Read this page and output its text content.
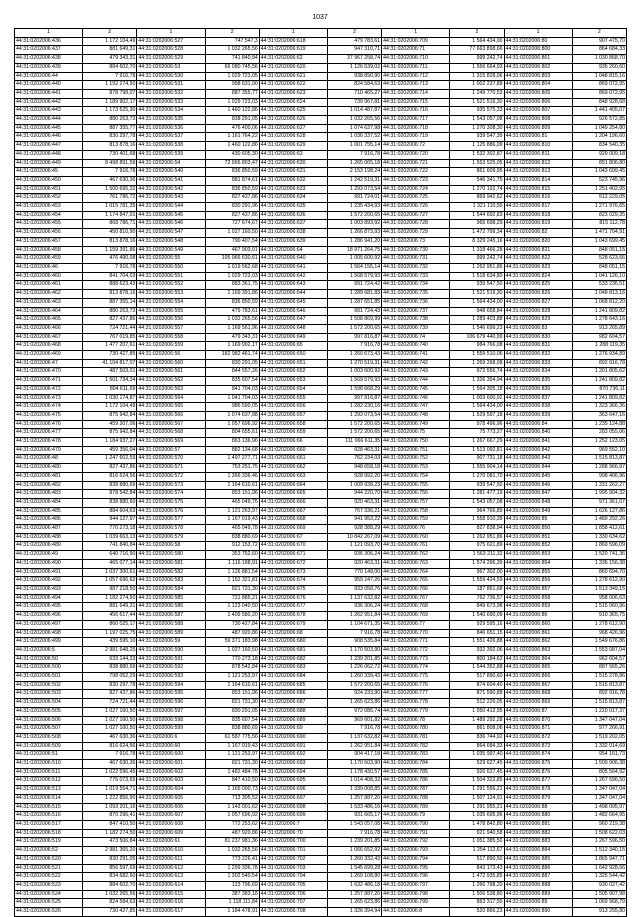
1037
1	2	1	2	1	2	1	2	1	2
44:31:0202006:436	1 172 104,49	44:31:0202006:527	747 547,3	44:31:0202006:618	479 783,61	44:31:0202006:709	1 564 434,00	44:31:0202006:80	907 475,70
44:31:0202006:437	881 649,31	44:31:0202006:528	1 032 265,56	44:31:0202006:619	947 310,71	44:31:0202006:71	77 663 898,66	44:31:0202006:800	864 684,33
44:31:0202006:438	479 343,31	44:31:0202006:529	741 840,84	44:31:0202006:62	37 967 258,74	44:31:0202006:710	999 242,74	44:31:0202006:801	1 030 868,70
44:31:0202006:439	884 602,70	44:31:0202006:53	66 080 745,56	44:31:0202006:620	1 126 539,02	44:31:0202006:711	1 556 664,93	44:31:0202006:802	935 260,60
44:31:0202006:44	7 916,78	44:31:0202006:530	1 029 723,05	44:31:0202006:621	938 890,90	44:31:0202006:712	1 315 828,06	44:31:0202006:803	1 048 815,16
44:31:0202006:440	1 192 274,50	44:31:0202006:531	998 631,90	44:31:0202006:622	824 584,63	44:31:0202006:713	1 002 237,88	44:31:0202006:804	869 072,95
44:31:0202006:441	878 798,07	44:31:0202006:532	887 355,77	44:31:0202006:623	710 465,27	44:31:0202006:714	1 249 770,53	44:31:0202006:805	869 072,95
44:31:0202006:442	1 189 902,17	44:31:0202006:533	1 029 723,03	44:31:0202006:624	739 967,81	44:31:0202006:715	1 521 519,30	44:31:0202006:806	848 928,68
44:31:0202006:443	1 173 525,30	44:31:0202006:534	1 460 122,86	44:31:0202006:625	1 014 487,87	44:31:0202006:716	935 575,33	44:31:0202006:807	1 441 405,07
44:31:0202006:444	880 263,73	44:31:0202006:535	838 291,05	44:31:0202006:626	1 032 265,56	44:31:0202006:717	1 543 057,08	44:31:0202006:808	926 572,85
44:31:0202006:445	887 355,77	44:31:0202006:536	476 400,06	44:31:0202006:627	1 074 637,98	44:31:0202006:718	1 270 308,30	44:31:0202006:809	1 049 254,80
44:31:0202006:446	830 297,78	44:31:0202006:537	1 161 764,22	44:31:0202006:628	1 036 337,52	44:31:0202006:719	939 547,39	44:31:0202006:81	1 204 196,60
44:31:0202006:447	813 878,16	44:31:0202006:538	1 460 122,86	44:31:0202006:629	1 001 755,14	44:31:0202006:72	1 125 886,09	44:31:0202006:810	834 540,35
44:31:0202006:448	730 401,68	44:31:0202006:539	430 605,30	44:31:0202006:63	7 916,78	44:31:0202006:720	1 532 302,87	44:31:0202006:811	929 009,18
44:31:0202006:449	8 498 891,59	44:31:0202006:54	72 966 803,47	44:31:0202006:630	1 265 065,18	44:31:0202006:721	1 553 525,05	44:31:0202006:812	851 806,80
44:31:0202006:45	7 916,78	44:31:0202006:540	836 850,59	44:31:0202006:631	2 153 198,24	44:31:0202006:722	861 609,95	44:31:0202006:813	1 043 699,45
44:31:0202006:450	467 630,36	44:31:0202006:541	881 874,61	44:31:0202006:632	1 242 519,31	44:31:0202006:723	546 341,75	44:31:0202006:814	523 745,96
44:31:0202006:451	1 500 695,32	44:31:0202006:542	836 850,59	44:31:0202006:633	1 293 073,54	44:31:0202006:724	1 270 192,74	44:31:0202006:815	1 251 402,95
44:31:0202006:452	761 786,72	44:31:0202006:543	827 437,86	44:31:0202006:634	991 724,01	44:31:0202006:725	869 942,62	44:31:0202006:816	512 229,05
44:31:0202006:453	1 015 781,35	44:31:0202006:544	830 291,96	44:31:0202006:635	1 235 434,93	44:31:0202006:726	1 321 110,50	44:31:0202006:817	1 271 976,65
44:31:0202006:454	1 174 847,01	44:31:0202006:545	827 437,86	44:31:0202006:636	1 572 200,65	44:31:0202006:727	1 544 692,83	44:31:0202006:818	823 029,35
44:31:0202006:455	868 786,71	44:31:0202006:546	727 674,67	44:31:0202006:637	1 003 893,92	44:31:0202006:728	965 698,29	44:31:0202006:819	815 112,78
44:31:0202006:456	450 810,90	44:31:0202006:547	1 027 160,50	44:31:0202006:638	1 266 873,93	44:31:0202006:729	1 472 799,34	44:31:0202006:82	1 471 704,91
44:31:0202006:457	813 878,16	44:31:0202006:548	790 407,54	44:31:0202006:639	1 286 941,20	44:31:0202006:73	8 329 245,16	44:31:0202006:820	1 043 699,45
44:31:0202006:458	1 159 391,86	44:31:0202006:549	467 903,01	44:31:0202006:64	18 971 264,75	44:31:0202006:730	1 318 466,28	44:31:0202006:821	848 051,15
44:31:0202006:459	476 490,08	44:31:0202006:55	105 966 630,61	44:31:0202006:640	1 005 600,92	44:31:0202006:731	999 242,74	44:31:0202006:822	528 623,66
44:31:0202006:46	7 916,78	44:31:0202006:550	1 019 562,68	44:31:0202006:641	1 564 155,14	44:31:0202006:732	1 262 951,86	44:31:0202006:823	848 051,15
44:31:0202006:460	841 704,03	44:31:0202006:551	1 029 723,03	44:31:0202006:642	1 568 579,93	44:31:0202006:733	1 518 634,80	44:31:0202006:824	1 041 126,10
44:31:0202006:461	888 623,43	44:31:0202006:552	883 361,75	44:31:0202006:643	991 724,42	44:31:0202006:734	939 547,50	44:31:0202006:825	533 236,51
44:31:0202006:462	813 878,16	44:31:0202006:553	1 169 391,86	44:31:0202006:644	1 289 681,83	44:31:0202006:735	1 521 519,30	44:31:0202006:826	1 048 813,16
44:31:0202006:463	887 355,14	44:31:0202006:554	836 850,59	44:31:0202006:645	1 287 651,85	44:31:0202006:736	1 564 434,00	44:31:0202006:827	1 068 812,20
44:31:0202006:464	880 263,73	44:31:0202006:555	479 783,61	44:31:0202006:646	991 724,43	44:31:0202006:737	948 658,84	44:31:0202006:828	1 241 809,82
44:31:0202006:465	827 437,86	44:31:0202006:556	1 032 265,56	44:31:0202006:647	1 508 869,99	44:31:0202006:738	1 289 403,88	44:31:0202006:829	1 278 643,16
44:31:0202006:466	724 721,44	44:31:0202006:557	1 169 561,96	44:31:0202006:648	1 572 200,65	44:31:0202006:739	1 546 699,23	44:31:0202006:83	913 265,89
44:31:0202006:467	767 019,85	44:31:0202006:558	479 343,31	44:31:0202006:649	997 816,87	44:31:0202006:74	106 679 440,99	44:31:0202006:830	982 604,57
44:31:0202006:468	1 477 207,61	44:31:0202006:559	1 169 902,17	44:31:0202006:65	7 916,78	44:31:0202006:740	984 766,08	44:31:0202006:831	1 288 119,35
44:31:0202006:469	730 427,85	44:31:0202006:56	182 982 461,74	44:31:0202006:650	1 260 673,43	44:31:0202006:741	1 559 510,06	44:31:0202006:832	1 276 934,89
44:31:0202006:47	41 104 817,07	44:31:0202006:560	830 291,05	44:31:0202006:651	1 270 519,31	44:31:0202006:742	1 269 268,08	44:31:0202006:833	892 916,78
44:31:0202006:470	487 503,01	44:31:0202006:561	844 557,26	44:31:0202006:652	1 003 600,92	44:31:0202006:743	972 556,74	44:31:0202006:834	1 201 805,62
44:31:0202006:471	1 501 734,34	44:31:0202006:562	835 607,54	44:31:0202006:653	1 569 579,93	44:31:0202006:744	1 326 394,94	44:31:0202006:835	1 241 809,82
44:31:0202006:472	804 611,69	44:31:0202006:563	841 704,03	44:31:0202006:654	1 598 668,29	44:31:0202006:745	1 564 305,18	44:31:0202006:836	870 736,11
44:31:0202006:473	1 030 174,87	44:31:0202006:564	1 041 704,03	44:31:0202006:655	997 816,87	44:31:0202006:746	1 003 600,92	44:31:0202006:837	1 241 809,82
44:31:0202006:474	1 172 104,49	44:31:0202006:565	986 590,05	44:31:0202006:656	1 282 230,16	44:31:0202006:747	1 564 434,00	44:31:0202006:838	1 323 366,36
44:31:0202006:475	875 942,84	44:31:0202006:566	1 074 637,98	44:31:0202006:657	1 293 073,54	44:31:0202006:748	1 529 597,18	44:31:0202006:839	363 647,16
44:31:0202006:476	459 207,06	44:31:0202006:567	1 057 696,92	44:31:0202006:658	1 572 200,65	44:31:0202006:749	978 496,96	44:31:0202006:84	1 235 124,88
44:31:0202006:477	875 942,84	44:31:0202006:568	804 655,61	44:31:0202006:659	1 572 200,65	44:31:0202006:75	75 773,27	44:31:0202006:840	283 055,06
44:31:0202006:478	1 184 937,27	44:31:0202006:569	863 136,96	44:31:0202006:66	111 066 611,35	44:31:0202006:750	1 267 667,29	44:31:0202006:841	1 252 123,05
44:31:0202006:479	459 356,04	44:31:0202006:57	882 134,68	44:31:0202006:660	928 463,31	44:31:0202006:751	1 513 092,81	44:31:0202006:842	969 552,10
44:31:0202006:48	1 247 602,59	44:31:0202006:570	1 497 277,71	44:31:0202006:661	762 234,03	44:31:0202006:752	907 731,18	44:31:0202006:843	1 515 813,87
44:31:0202006:480	827 437,86	44:31:0202006:571	753 251,75	44:31:0202006:662	948 658,18	44:31:0202006:753	1 555 904,14	44:31:0202006:844	1 288 966,97
44:31:0202006:481	816 624,56	44:31:0202006:572	1 366 336,46	44:31:0202006:663	928 992,20	44:31:0202006:754	1 270 081,70	44:31:0202006:845	998 406,96
44:31:0202006:482	838 880,69	44:31:0202006:573	1 164 610,61	44:31:0202006:664	1 009 938,23	44:31:0202006:755	939 547,50	44:31:0202006:846	1 331 262,27
44:31:0202006:483	878 542,84	44:31:0202006:574	853 151,96	44:31:0202006:665	944 220,70	44:31:0202006:756	1 281 477,19	44:31:0202006:847	1 995 904,32
44:31:0202006:484	838 880,60	44:31:0202006:575	465 049,76	44:31:0202006:666	920 463,31	44:31:0202006:757	1 543 057,08	44:31:0202006:848	971 361,07
44:31:0202006:485	884 604,63	44:31:0202006:576	1 121 263,97	44:31:0202006:667	767 336,21	44:31:0202006:758	964 766,89	44:31:0202006:849	1 626 127,86
44:31:0202006:486	944 127,97	44:31:0202006:577	1 167 019,43	44:31:0202006:668	941 953,22	44:31:0202006:759	1 558 910,39	44:31:0202006:85	1 489 292,26
44:31:0202006:487	770 273,18	44:31:0202006:578	465 049,78	44:31:0202006:669	928 388,29	44:31:0202006:76	827 838,94	44:31:0202006:850	1 858 412,61
44:31:0202006:488	1 039 663,13	44:31:0202006:579	838 880,69	44:31:0202006:67	10 842 267,09	44:31:0202006:760	1 262 951,86	44:31:0202006:851	1 330 634,62
44:31:0202006:489	741 840,84	44:31:0202006:58	912 153,72	44:31:0202006:670	1 121 093,70	44:31:0202006:761	975 621,89	44:31:0202006:852	1 869 596,09
44:31:0202006:49	640 716,90	44:31:0202006:580	353 752,60	44:31:0202006:671	936 306,24	44:31:0202006:762	1 563 211,32	44:31:0202006:853	1 520 741,36
44:31:0202006:490	465 077,14	44:31:0202006:581	1 116 188,91	44:31:0202006:672	920 463,31	44:31:0202006:763	1 574 296,39	44:31:0202006:854	1 336 156,38
44:31:0202006:491	1 037 300,61	44:31:0202006:582	1 126 881,54	44:31:0202006:673	770 148,00	44:31:0202006:764	967 302,00	44:31:0202006:855	860 694,70
44:31:0202006:492	1 057 696,62	44:31:0202006:583	1 152 321,81	44:31:0202006:674	959 247,26	44:31:0202006:765	1 559 424,59	44:31:0202006:856	1 278 612,90
44:31:0202006:493	987 218,50	44:31:0202006:584	821 731,30	44:31:0202006:675	933 058,76	44:31:0202006:766	187 861,68	44:31:0202006:857	1 513 349,15
44:31:0202006:494	1 182 274,50	44:31:0202006:585	721 885,21	44:31:0202006:676	1 137 632,82	44:31:0202006:767	762 736,57	44:31:0202006:858	958 006,63
44:31:0202006:495	881 649,31	44:31:0202006:586	1 123 040,50	44:31:0202006:677	936 306,24	44:31:0202006:768	849 673,98	44:31:0202006:859	1 515 060,96
44:31:0202006:496	456 617,44	44:31:0202006:587	1 409 580,20	44:31:0202006:678	1 262 951,84	44:31:0202006:769	1 540 690,09	44:31:0202006:86	910 365,75
44:31:0202006:497	860 025,17	44:31:0202006:588	730 427,84	44:31:0202006:679	1 104 671,35	44:31:0202006:77	929 595,16	44:31:0202006:860	1 278 612,90
44:31:0202006:498	1 197 025,75	44:31:0202006:589	487 920,86	44:31:0202006:68	7 916,78	44:31:0202006:770	846 651,15	44:31:0202006:861	968 426,96
44:31:0202006:499	439 595,10	44:31:0202006:59	59 371 183,98	44:31:0202006:680	908 535,84	44:31:0202006:771	1 551 426,88	44:31:0202006:862	1 549 676,86
44:31:0202006:5	2 981 648,25	44:31:0202006:590	1 027 160,50	44:31:0202006:681	1 170 503,90	44:31:0202006:772	932 392,06	44:31:0202006:863	1 553 087,04
44:31:0202006:50	633 144,33	44:31:0202006:591	770 273,18	44:31:0202006:682	1 239 201,85	44:31:0202006:773	800 184,63	44:31:0202006:864	962 604,57
44:31:0202006:500	838 880,69	44:31:0202006:592	878 542,84	44:31:0202006:683	1 226 062,72	44:31:0202006:774	1 544 352,88	44:31:0202006:865	887 565,26
44:31:0202006:501	798 052,29	44:31:0202006:593	1 121 253,97	44:31:0202006:684	1 260 339,43	44:31:0202006:775	517 890,60	44:31:0202006:866	1 515 278,86
44:31:0202006:502	830 297,78	44:31:0202006:594	1 164 610,61	44:31:0202006:685	1 572 200,65	44:31:0202006:776	874 604,40	44:31:0202006:867	1 515 813,87
44:31:0202006:503	827 437,86	44:31:0202006:595	853 151,96	44:31:0202006:686	924 233,90	44:31:0202006:777	871 590,88	44:31:0202006:868	892 916,78
44:31:0202006:504	724 721,44	44:31:0202006:596	821 731,30	44:31:0202006:687	1 265 623,86	44:31:0202006:778	512 226,05	44:31:0202006:869	1 515 813,87
44:31:0202006:505	1 027 160,50	44:31:0202006:597	830 291,05	44:31:0202006:688	972 086,74	44:31:0202006:779	1 050 412,95	44:31:0202006:87	1 220 017,37
44:31:0202006:506	1 027 160,50	44:31:0202006:598	835 607,54	44:31:0202006:689	969 601,82	44:31:0202006:78	1 489 292,28	44:31:0202006:870	1 347 047,04
44:31:0202006:507	1 027 160,50	44:31:0202006:599	838 880,69	44:31:0202006:69	7 916,78	44:31:0202006:780	861 808,06	44:31:0202006:871	977 266,91
44:31:0202006:508	467 630,36	44:31:0202006:6	61 587 775,56	44:31:0202006:690	1 137 632,82	44:31:0202006:781	836 744,92	44:31:0202006:872	1 519 202,05
44:31:0202006:509	816 624,56	44:31:0202006:60	1 167 019,43	44:31:0202006:691	1 262 951,84	44:31:0202006:782	864 684,33	44:31:0202006:873	1 332 014,69
44:31:0202006:51	7 916,78	44:31:0202006:600	1 121 253,97	44:31:0202006:692	904 417,18	44:31:0202006:783	1 035 997,40	44:31:0202006:874	954 161,73
44:31:0202006:510	467 630,36	44:31:0202006:601	821 731,30	44:31:0202006:693	1 170 503,90	44:31:0202006:784	529 627,45	44:31:0202006:875	1 509 906,38
44:31:0202006:511	1 022 596,45	44:31:0202006:602	1 482 484,78	44:31:0202006:694	1 178 430,57	44:31:0202006:785	926 627,45	44:31:0202006:876	805 564,92
44:31:0202006:512	776 073,65	44:31:0202006:603	847 410,50	44:31:0202006:695	1 014 408,32	44:31:0202006:786	1 504 322,85	44:31:0202006:877	1 267 596,50
44:31:0202006:513	1 019 554,71	44:31:0202006:604	1 165 000,73	44:31:0202006:696	1 339 008,85	44:31:0202006:787	1 291 556,21	44:31:0202006:878	1 347 047,04
44:31:0202006:514	1 222 856,90	44:31:0202006:605	713 305,52	44:31:0202006:697	1 257 887,20	44:31:0202006:788	1 507 124,91	44:31:0202006:879	1 347 047,04
44:31:0202006:515	1 093 201,16	44:31:0202006:606	1 143 001,62	44:31:0202006:698	1 533 486,16	44:31:0202006:789	1 291 955,21	44:31:0202006:88	1 498 095,97
44:31:0202006:516	870 296,41	44:31:0202006:607	1 057 696,92	44:31:0202006:699	931 665,17	44:31:0202006:79	1 035 695,96	44:31:0202006:880	1 482 664,95
44:31:0202006:517	847 410,50	44:31:0202006:608	772 253,62	44:31:0202006:7	1 543 057,08	44:31:0202006:790	1 478 842,80	44:31:0202006:881	960 219,38
44:31:0202006:518	1 182 274,50	44:31:0202006:609	487 920,86	44:31:0202006:70	7 916,78	44:31:0202006:791	921 940,58	44:31:0202006:882	1 508 622,03
44:31:0202006:519	473 506,84	44:31:0202006:61	81 237 981,36	44:31:0202006:700	1 239 201,85	44:31:0202006:792	1 051 385,50	44:31:0202006:883	1 267 596,50
44:31:0202006:52	2 981 365,20	44:31:0202006:610	1 032 265,56	44:31:0202006:701	1 066 652,92	44:31:0202006:793	1 254 112,67	44:31:0202006:884	1 512 340,15
44:31:0202006:520	830 291,05	44:31:0202006:611	773 226,41	44:31:0202006:702	1 260 332,43	44:31:0202006:794	517 890,50	44:31:0202006:885	1 865 947,71
44:31:0202006:521	856 597,69	44:31:0202006:612	1 299 336,78	44:31:0202006:703	1 545 699,28	44:31:0202006:795	843 173,43	44:31:0202006:886	1 642 928,66
44:31:0202006:522	834 682,60	44:31:0202006:613	1 302 540,54	44:31:0202006:704	1 269 108,80	44:31:0202006:796	1 472 935,85	44:31:0202006:887	1 325 544,42
44:31:0202006:523	884 602,70	44:31:0202006:614	123 796,69	44:31:0202006:705	1 632 486,18	44:31:0202006:797	1 266 798,20	44:31:0202006:888	930 027,42
44:31:0202006:524	1 032 265,56	44:31:0202006:615	387 383,18	44:31:0202006:706	1 257 887,20	44:31:0202006:798	1 506 538,80	44:31:0202006:889	1 505 907,98
44:31:0202006:525	824 584,63	44:31:0202006:616	1 118 111,84	44:31:0202006:707	1 265 623,86	44:31:0202006:799	863 317,50	44:31:0202006:89	1 069 968,79
44:31:0202006:526	730 427,85	44:31:0202006:617	1 184 478,91	44:31:0202006:708	1 326 394,94	44:31:0202006:8	520 866,23	44:31:0202006:890	913 255,80
